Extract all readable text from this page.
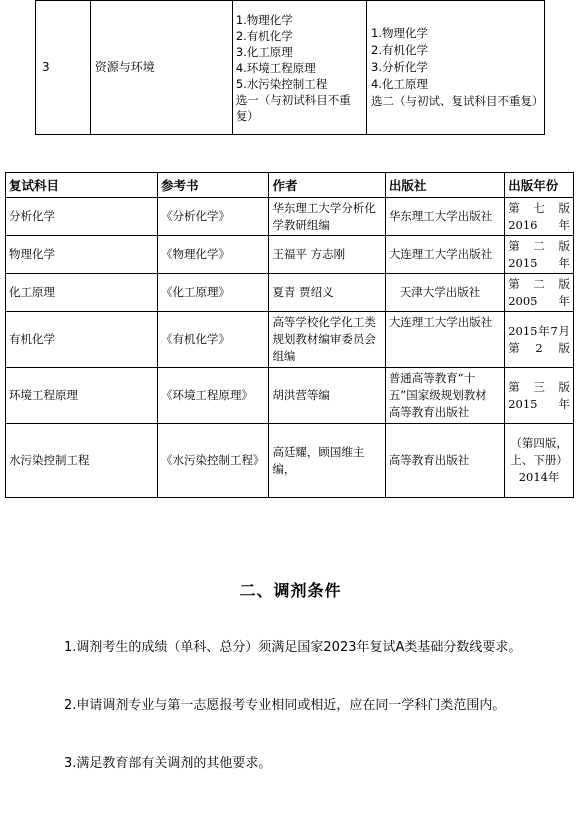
3	资源与环境	
1.物理化学
2.有机化学
3.化工原理
4.环境工程原理
5.水污染控制工程
选一（与初试科目不重复）

1.物理化学
2.有机化学
3.分析化学
4.化工原理
选二（与初试、复试科目不重复）
复试科目	参考书	作者	出版社	出版年份
分析化学	《分析化学》	华东理工大学分析化学教研组编	华东理工大学出版社	第七版2016年
物理化学	《物理化学》	王福平 方志刚	大连理工大学出版社	第二版2015年
化工原理	《化工原理》	夏青 贾绍义	天津大学出版社	第二版2005年
有机化学	《有机化学》	高等学校化学化工类规划教材编审委员会组编	大连理工大学出版社	2015年7月第2版
环境工程原理	《环境工程原理》	胡洪营等编	普通高等教育“十五”国家级规划教材 高等教育出版社	第三版2015年
水污染控制工程	《水污染控制工程》	高廷耀，顾国维主编，	高等教育出版社	（第四版，上、下册）2014年
二、调剂条件

1.调剂考生的成绩（单科、总分）须满足国家2023年复试A类基础分数线要求。

2.申请调剂专业与第一志愿报考专业相同或相近，应在同一学科门类范围内。

3.满足教育部有关调剂的其他要求。
